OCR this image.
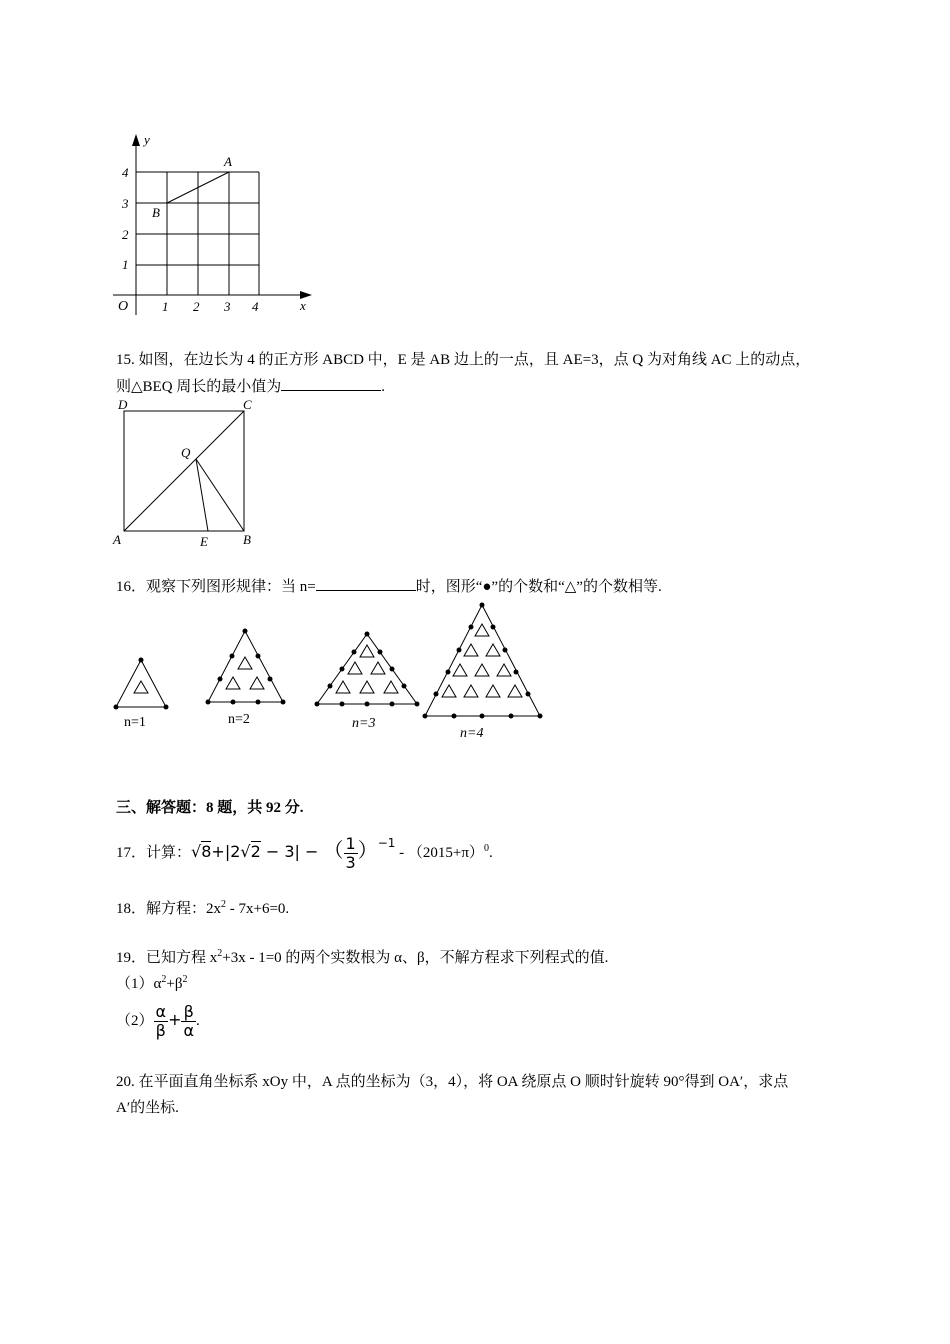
y
x
O	1 2 3 4
1
2
3
4
A
B
15. 如图，在边长为 4 的正方形 ABCD 中，E 是 AB 边上的一点，且 AE=3，点 Q 为对角线 AC 上的动点，
则△BEQ 周长的最小值为	.
D	C
Q
A	E	B
16．观察下列图形规律：当 n=	时，图形“●”的个数和“△”的个数相等.
n=1	n=2	n=3
n=4
三、解答题：8 题，共 92 分.
17．计算：√8+|2√2 − 3| − （ $\frac{1}{3} )^{-1} - (2015+\pi)^0$.
18．解方程：$2x^2 - 7x+6=0$.
19．已知方程 $x^2+3x - 1=0$ 的两个实数根为 α、β，不解方程求下列程式的值.
$(1)\alpha^2+\beta^2$
$(2) \frac{\alpha}{\beta} + \frac{\beta}{\alpha}$ .
20. 在平面直角坐标系 xOy 中，A 点的坐标为（3，4），将 OA 绕原点 O 顺时针旋转 90°得到 OA′，求点
A′的坐标.
